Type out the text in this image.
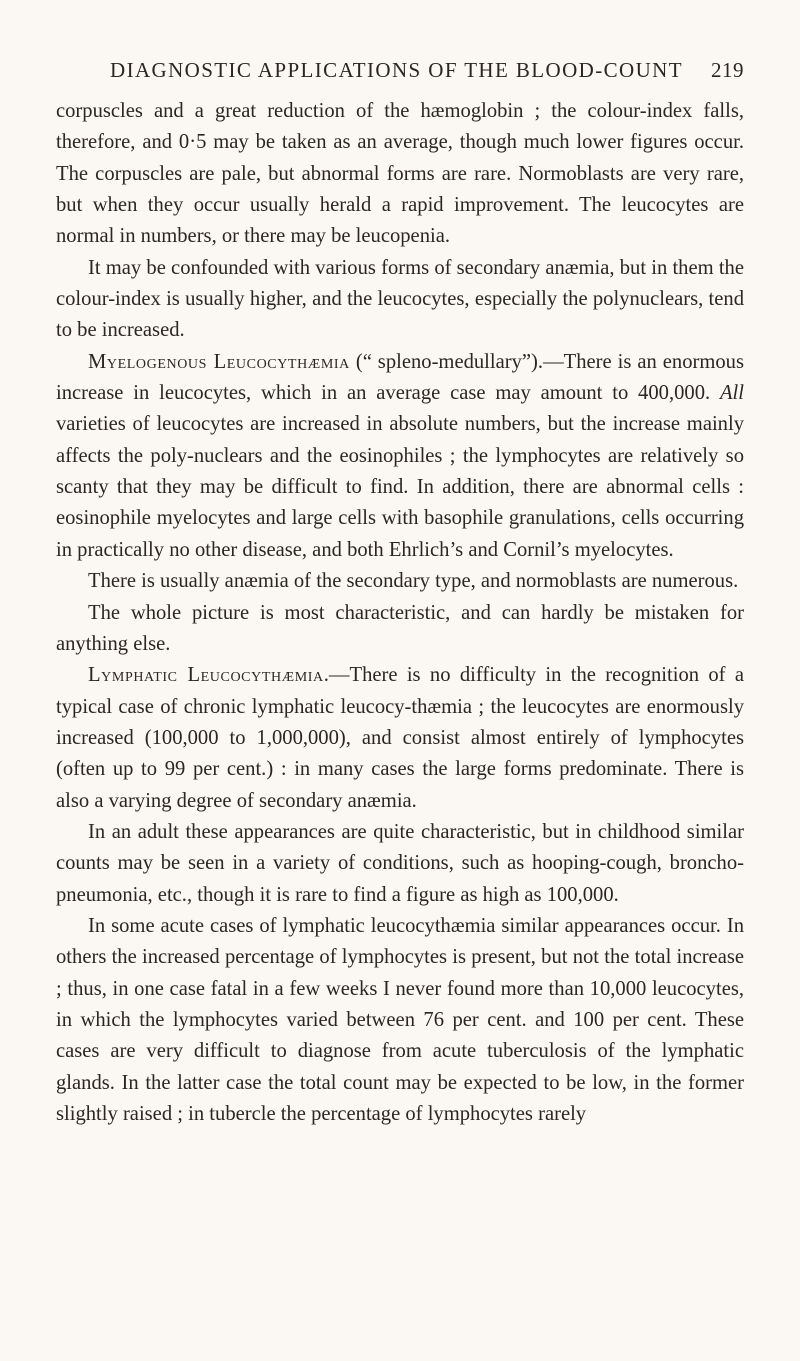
DIAGNOSTIC APPLICATIONS OF THE BLOOD-COUNT 219

corpuscles and a great reduction of the hæmoglobin ; the colour-index falls, therefore, and 0·5 may be taken as an average, though much lower figures occur. The corpuscles are pale, but abnormal forms are rare. Normoblasts are very rare, but when they occur usually herald a rapid improvement. The leucocytes are normal in numbers, or there may be leucopenia.

It may be confounded with various forms of secondary anæmia, but in them the colour-index is usually higher, and the leucocytes, especially the polynuclears, tend to be increased.

Myelogenous Leucocythæmia (“ spleno-medullary”).—There is an enormous increase in leucocytes, which in an average case may amount to 400,000. All varieties of leucocytes are increased in absolute numbers, but the increase mainly affects the poly-nuclears and the eosinophiles ; the lymphocytes are relatively so scanty that they may be difficult to find. In addition, there are abnormal cells : eosinophile myelocytes and large cells with basophile granulations, cells occurring in practically no other disease, and both Ehrlich’s and Cornil’s myelocytes.

There is usually anæmia of the secondary type, and normoblasts are numerous.

The whole picture is most characteristic, and can hardly be mistaken for anything else.

Lymphatic Leucocythæmia.—There is no difficulty in the recognition of a typical case of chronic lymphatic leucocy-thæmia ; the leucocytes are enormously increased (100,000 to 1,000,000), and consist almost entirely of lymphocytes (often up to 99 per cent.) : in many cases the large forms predominate. There is also a varying degree of secondary anæmia.

In an adult these appearances are quite characteristic, but in childhood similar counts may be seen in a variety of conditions, such as hooping-cough, broncho-pneumonia, etc., though it is rare to find a figure as high as 100,000.

In some acute cases of lymphatic leucocythæmia similar appearances occur. In others the increased percentage of lymphocytes is present, but not the total increase ; thus, in one case fatal in a few weeks I never found more than 10,000 leucocytes, in which the lymphocytes varied between 76 per cent. and 100 per cent. These cases are very difficult to diagnose from acute tuberculosis of the lymphatic glands. In the latter case the total count may be expected to be low, in the former slightly raised ; in tubercle the percentage of lymphocytes rarely
